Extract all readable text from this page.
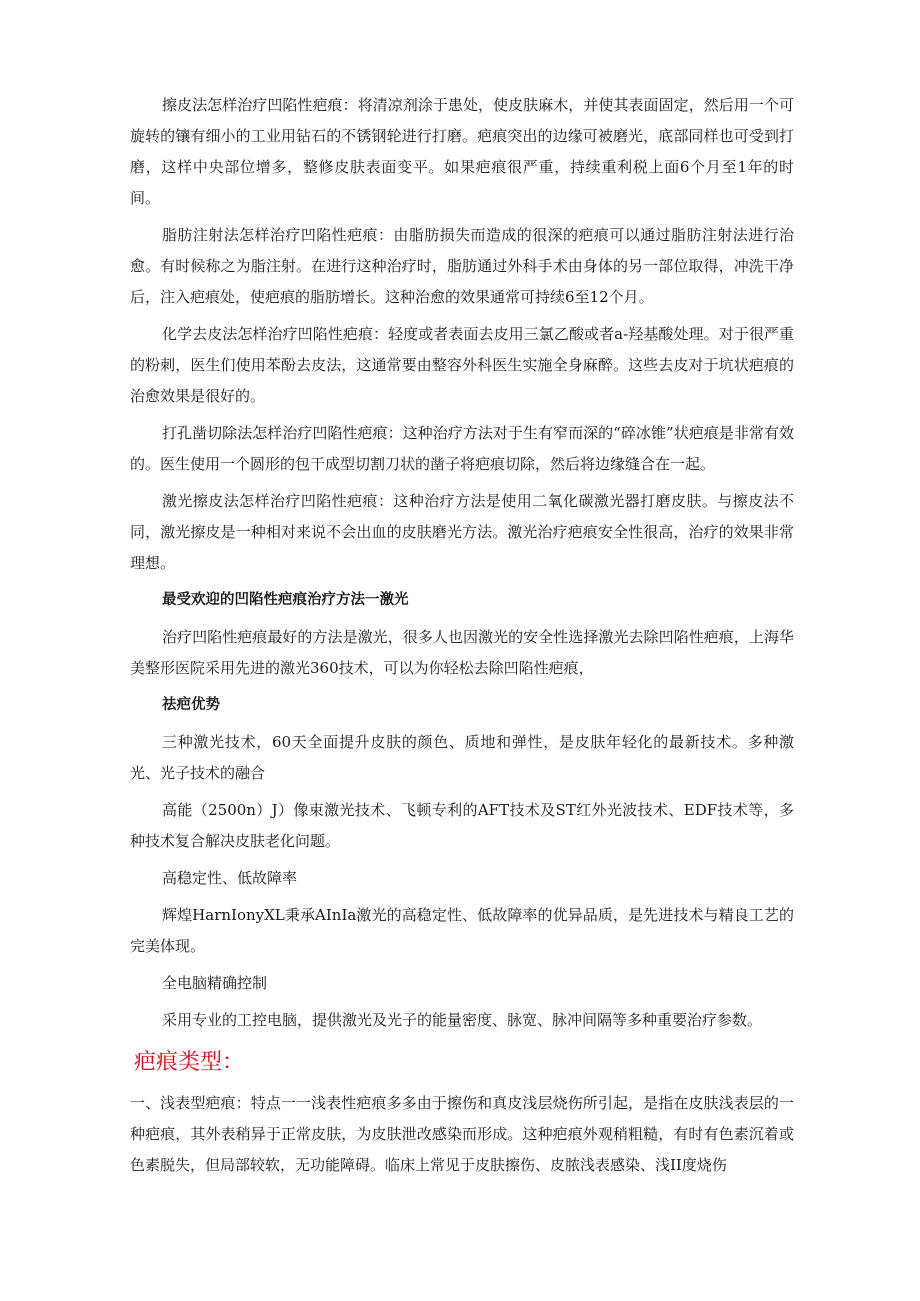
擦皮法怎样治疗凹陷性疤痕：将清凉剂涂于患处，使皮肤麻木，并使其表面固定，然后用一个可旋转的镶有细小的工业用钻石的不锈钢轮进行打磨。疤痕突出的边缘可被磨光，底部同样也可受到打磨，这样中央部位增多，整修皮肤表面变平。如果疤痕很严重，持续重利税上面6个月至1年的时间。

脂肪注射法怎样治疗凹陷性疤痕：由脂肪损失而造成的很深的疤痕可以通过脂肪注射法进行治愈。有时候称之为脂注射。在进行这种治疗时，脂肪通过外科手术由身体的另一部位取得，冲洗干净后，注入疤痕处，使疤痕的脂肪增长。这种治愈的效果通常可持续6至12个月。

化学去皮法怎样治疗凹陷性疤痕：轻度或者表面去皮用三氯乙酸或者a-羟基酸处理。对于很严重的粉刺，医生们使用苯酚去皮法，这通常要由整容外科医生实施全身麻醉。这些去皮对于坑状疤痕的治愈效果是很好的。

打孔凿切除法怎样治疗凹陷性疤痕：这种治疗方法对于生有窄而深的“碎冰锥”状疤痕是非常有效的。医生使用一个圆形的包干成型切割刀状的凿子将疤痕切除，然后将边缘缝合在一起。

激光擦皮法怎样治疗凹陷性疤痕：这种治疗方法是使用二氧化碳激光器打磨皮肤。与擦皮法不同，激光擦皮是一种相对来说不会出血的皮肤磨光方法。激光治疗疤痕安全性很高，治疗的效果非常理想。

最受欢迎的凹陷性疤痕治疗方法一激光

治疗凹陷性疤痕最好的方法是激光，很多人也因激光的安全性选择激光去除凹陷性疤痕，上海华美整形医院采用先进的激光360技术，可以为你轻松去除凹陷性疤痕，

祛疤优势

三种激光技术，60天全面提升皮肤的颜色、质地和弹性，是皮肤年轻化的最新技术。多种激光、光子技术的融合

高能（2500n）J）像束激光技术、飞顿专利的AFT技术及ST红外光波技术、EDF技术等，多种技术复合解决皮肤老化问题。

高稳定性、低故障率

辉煌HarnIonyXL秉承AInIa激光的高稳定性、低故障率的优异品质，是先进技术与精良工艺的完美体现。

全电脑精确控制

采用专业的工控电脑，提供激光及光子的能量密度、脉宽、脉冲间隔等多种重要治疗参数。

疤痕类型：

一、浅表型疤痕：特点一一浅表性疤痕多多由于擦伤和真皮浅层烧伤所引起，是指在皮肤浅表层的一种疤痕，其外表稍异于正常皮肤，为皮肤泄改感染而形成。这种疤痕外观稍粗糙，有时有色素沉着或色素脱失，但局部较软，无功能障碍。临床上常见于皮肤擦伤、皮脓浅表感染、浅II度烧伤
